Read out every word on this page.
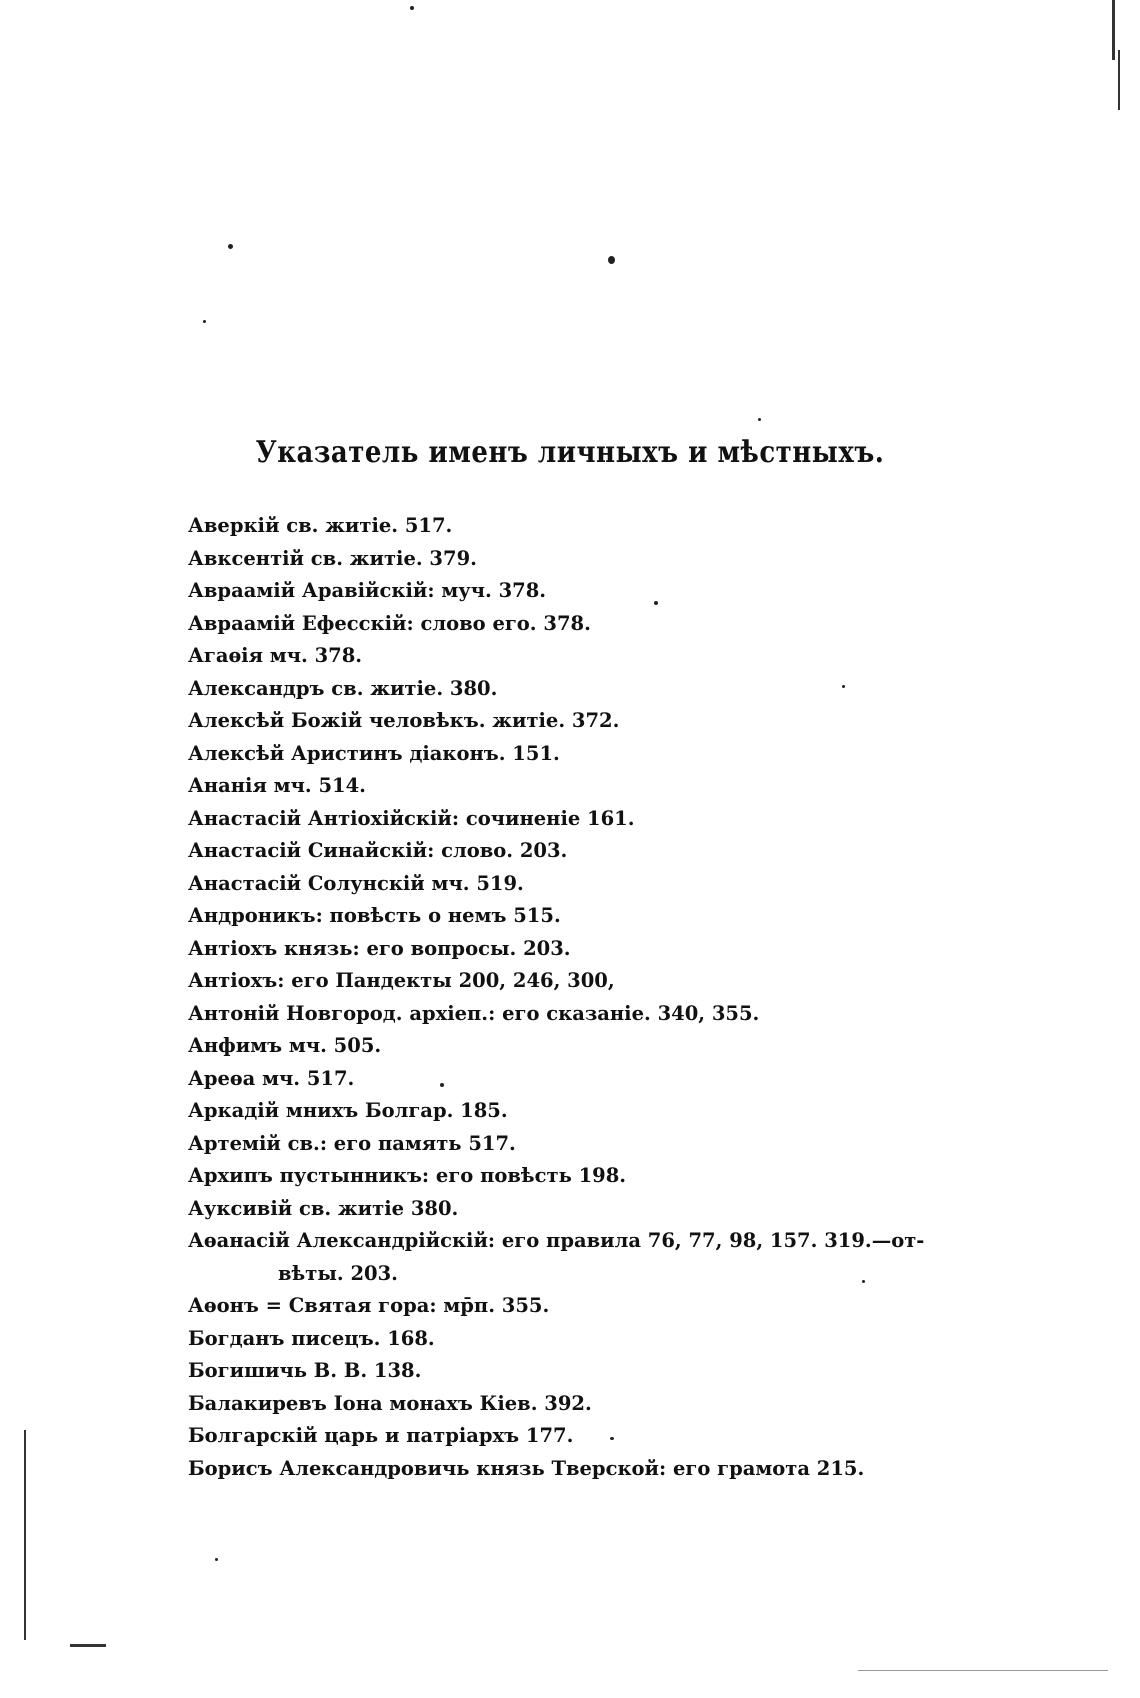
Указатель именъ личныхъ и мѣстныхъ.
Аверкій св. житіе. 517.
Авксентій св. житіе. 379.
Авраамій Аравійскій: муч. 378.
Авраамій Ефесскій: слово его. 378.
Агаѳія мч. 378.
Александръ св. житіе. 380.
Алексѣй Божій человѣкъ. житіе. 372.
Алексѣй Аристинъ діаконъ. 151.
Ананія мч. 514.
Анастасій Антіохійскій: сочиненіе 161.
Анастасій Синайскій: слово. 203.
Анастасій Солунскій мч. 519.
Андроникъ: повѣсть о немъ 515.
Антіохъ князь: его вопросы. 203.
Антіохъ: его Пандекты 200, 246, 300,
Антоній Новгород. архіеп.: его сказаніе. 340, 355.
Анфимъ мч. 505.
Ареѳа мч. 517.
Аркадій мнихъ Болгар. 185.
Артемій св.: его память 517.
Архипъ пустынникъ: его повѣсть 198.
Ауксивій св. житіе 380.
Аѳанасій Александрійскій: его правила 76, 77, 98, 157. 319.—от-
вѣты. 203.
Аѳонъ = Святая гора: мр̄п. 355.
Богданъ писецъ. 168.
Богишичь В. В. 138.
Балакиревъ Іона монахъ Кіев. 392.
Болгарскій царь и патріархъ 177.
Борисъ Александровичь князь Тверской: его грамота 215.
